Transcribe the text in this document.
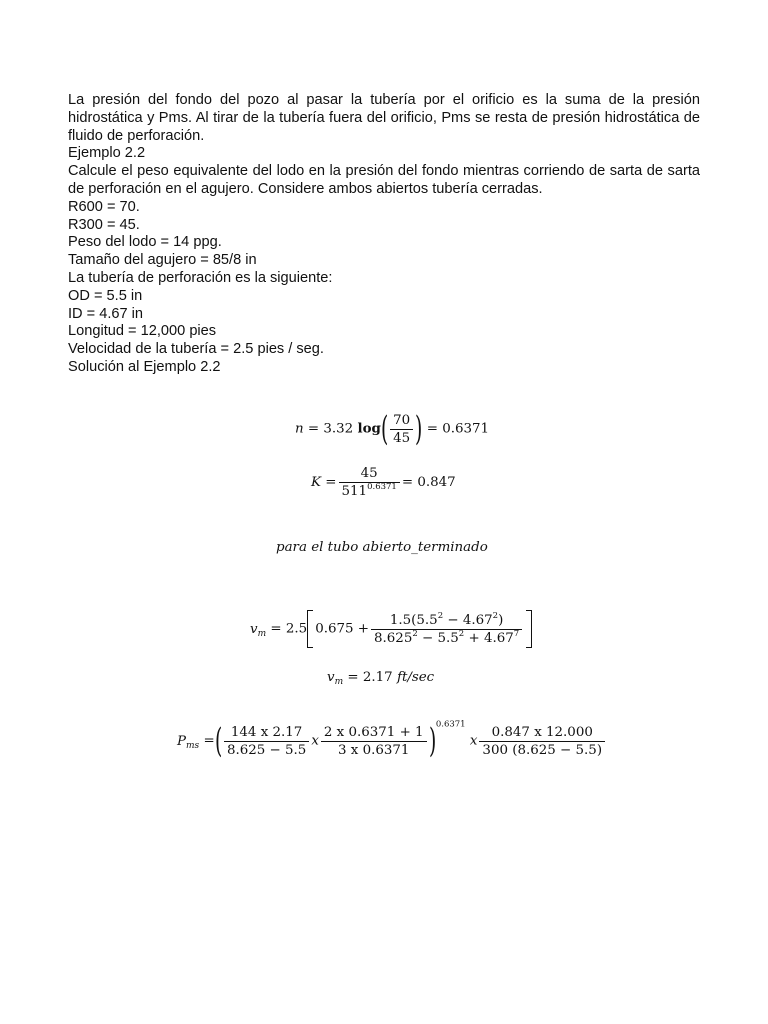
La presión del fondo del pozo al pasar la tubería por el orificio es la suma de la presión hidrostática y Pms. Al tirar de la tubería fuera del orificio, Pms se resta de presión hidrostática de fluido de perforación.

Ejemplo 2.2

Calcule el peso equivalente del lodo en la presión del fondo mientras corriendo de sarta de sarta de perforación en el agujero. Considere ambos abiertos tubería cerradas.

R600 = 70.

R300 = 45.

Peso del lodo = 14 ppg.

Tamaño del agujero = 85/8 in

La tubería de perforación es la siguiente:

OD = 5.5 in

ID = 4.67 in

Longitud = 12,000 pies

Velocidad de la tubería = 2.5 pies / seg.

Solución al Ejemplo 2.2

n = 3.32 $\log( \frac{70}{45}$ ) = 0.6371
$K = \frac{45}{511^{0.6371}} = 0.847$
para el tubo abierto_terminado
$v_m = 2.5$ $0.675 + \frac{1.5(5.5^2 - 4.67^2)}{8.625^2 - 5.5^2 + 4.67^7}$
$v_m = 2.17$ ft/sec
$P_{ms}$ =( $\frac{144 x 2.17}{8.625 - 5.5}$ x $\frac{2 x 0.6371 + 1}{3 x 0.6371} )^{0.6371}$ x $\frac{0.847 x 12.000}{300 (8.625 - 5.5)}$
